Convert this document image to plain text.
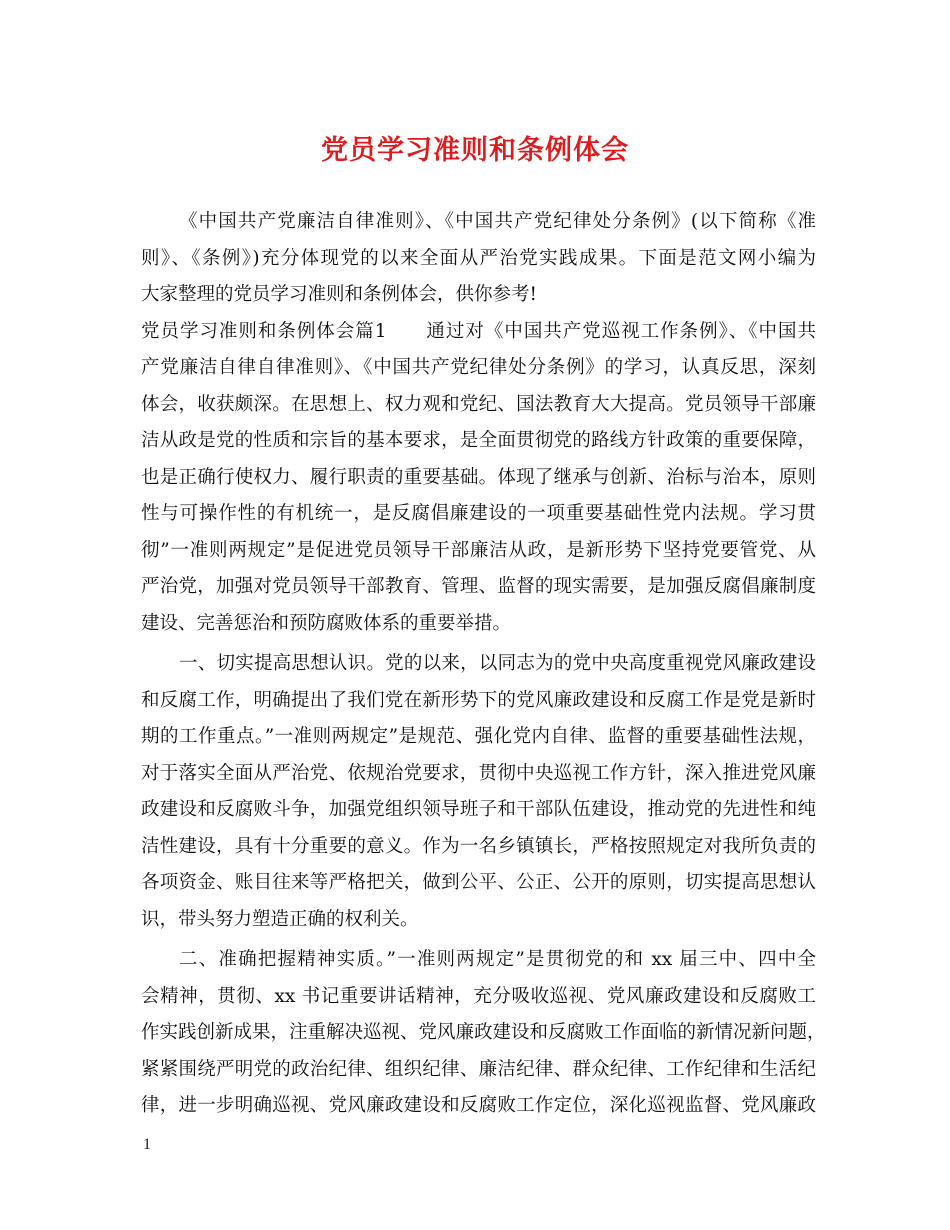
党员学习准则和条例体会
《中国共产党廉洁自律准则》、《中国共产党纪律处分条例》(以下简称《准
则》、《条例》)充分体现党的以来全面从严治党实践成果。下面是范文网小编为
大家整理的党员学习准则和条例体会，供你参考!
党员学习准则和条例体会篇1　　通过对《中国共产党巡视工作条例》、《中国共
产党廉洁自律自律准则》、《中国共产党纪律处分条例》的学习，认真反思，深刻
体会，收获颇深。在思想上、权力观和党纪、国法教育大大提高。党员领导干部廉
洁从政是党的性质和宗旨的基本要求，是全面贯彻党的路线方针政策的重要保障，
也是正确行使权力、履行职责的重要基础。体现了继承与创新、治标与治本，原则
性与可操作性的有机统一，是反腐倡廉建设的一项重要基础性党内法规。学习贯
彻”一准则两规定”是促进党员领导干部廉洁从政，是新形势下坚持党要管党、从
严治党，加强对党员领导干部教育、管理、监督的现实需要，是加强反腐倡廉制度
建设、完善惩治和预防腐败体系的重要举措。
一、切实提高思想认识。党的以来，以同志为的党中央高度重视党风廉政建设
和反腐工作，明确提出了我们党在新形势下的党风廉政建设和反腐工作是党是新时
期的工作重点。”一准则两规定”是规范、强化党内自律、监督的重要基础性法规，
对于落实全面从严治党、依规治党要求，贯彻中央巡视工作方针，深入推进党风廉
政建设和反腐败斗争，加强党组织领导班子和干部队伍建设，推动党的先进性和纯
洁性建设，具有十分重要的意义。作为一名乡镇镇长，严格按照规定对我所负责的
各项资金、账目往来等严格把关，做到公平、公正、公开的原则，切实提高思想认
识，带头努力塑造正确的权利关。
二、准确把握精神实质。”一准则两规定”是贯彻党的和 xx 届三中、四中全
会精神，贯彻、xx 书记重要讲话精神，充分吸收巡视、党风廉政建设和反腐败工
作实践创新成果，注重解决巡视、党风廉政建设和反腐败工作面临的新情况新问题，
紧紧围绕严明党的政治纪律、组织纪律、廉洁纪律、群众纪律、工作纪律和生活纪
律，进一步明确巡视、党风廉政建设和反腐败工作定位，深化巡视监督、党风廉政
1
